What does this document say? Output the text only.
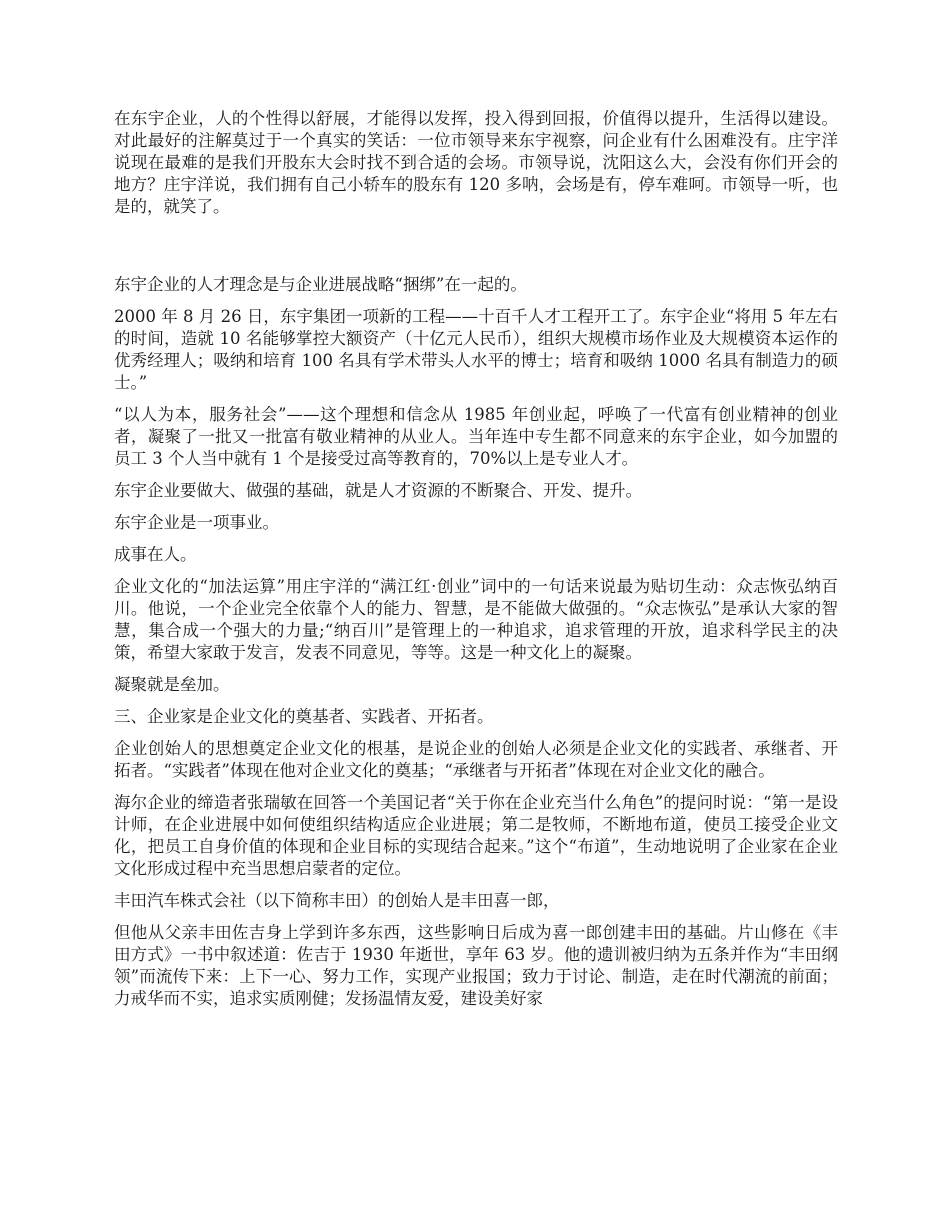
在东宇企业，人的个性得以舒展，才能得以发挥，投入得到回报，价值得以提升，生活得以建设。对此最好的注解莫过于一个真实的笑话：一位市领导来东宇视察，问企业有什么困难没有。庄宇洋说现在最难的是我们开股东大会时找不到合适的会场。市领导说，沈阳这么大，会没有你们开会的地方？庄宇洋说，我们拥有自己小轿车的股东有 120 多呐，会场是有，停车难呵。市领导一听，也是的，就笑了。

东宇企业的人才理念是与企业进展战略“捆绑”在一起的。

2000 年 8 月 26 日，东宇集团一项新的工程——十百千人才工程开工了。东宇企业“将用 5 年左右的时间，造就 10 名能够掌控大额资产（十亿元人民币），组织大规模市场作业及大规模资本运作的优秀经理人；吸纳和培育 100 名具有学术带头人水平的博士；培育和吸纳 1000 名具有制造力的硕士。”

“以人为本，服务社会”——这个理想和信念从 1985 年创业起，呼唤了一代富有创业精神的创业者，凝聚了一批又一批富有敬业精神的从业人。当年连中专生都不同意来的东宇企业，如今加盟的员工 3 个人当中就有 1 个是接受过高等教育的，70%以上是专业人才。

东宇企业要做大、做强的基础，就是人才资源的不断聚合、开发、提升。

东宇企业是一项事业。

成事在人。

企业文化的“加法运算”用庄宇洋的“满江红·创业”词中的一句话来说最为贴切生动：众志恢弘纳百川。他说，一个企业完全依靠个人的能力、智慧，是不能做大做强的。“众志恢弘”是承认大家的智慧，集合成一个强大的力量;“纳百川”是管理上的一种追求，追求管理的开放，追求科学民主的决策，希望大家敢于发言，发表不同意见，等等。这是一种文化上的凝聚。

凝聚就是垒加。

三、企业家是企业文化的奠基者、实践者、开拓者。

企业创始人的思想奠定企业文化的根基，是说企业的创始人必须是企业文化的实践者、承继者、开拓者。“实践者”体现在他对企业文化的奠基；“承继者与开拓者”体现在对企业文化的融合。

海尔企业的缔造者张瑞敏在回答一个美国记者“关于你在企业充当什么角色”的提问时说：“第一是设计师，在企业进展中如何使组织结构适应企业进展；第二是牧师，不断地布道，使员工接受企业文化，把员工自身价值的体现和企业目标的实现结合起来。”这个“布道”，生动地说明了企业家在企业文化形成过程中充当思想启蒙者的定位。

丰田汽车株式会社（以下简称丰田）的创始人是丰田喜一郎，

但他从父亲丰田佐吉身上学到许多东西，这些影响日后成为喜一郎创建丰田的基础。片山修在《丰田方式》一书中叙述道：佐吉于 1930 年逝世，享年 63 岁。他的遗训被归纳为五条并作为“丰田纲领”而流传下来：上下一心、努力工作，实现产业报国；致力于讨论、制造，走在时代潮流的前面；力戒华而不实，追求实质刚健；发扬温情友爱，建设美好家
